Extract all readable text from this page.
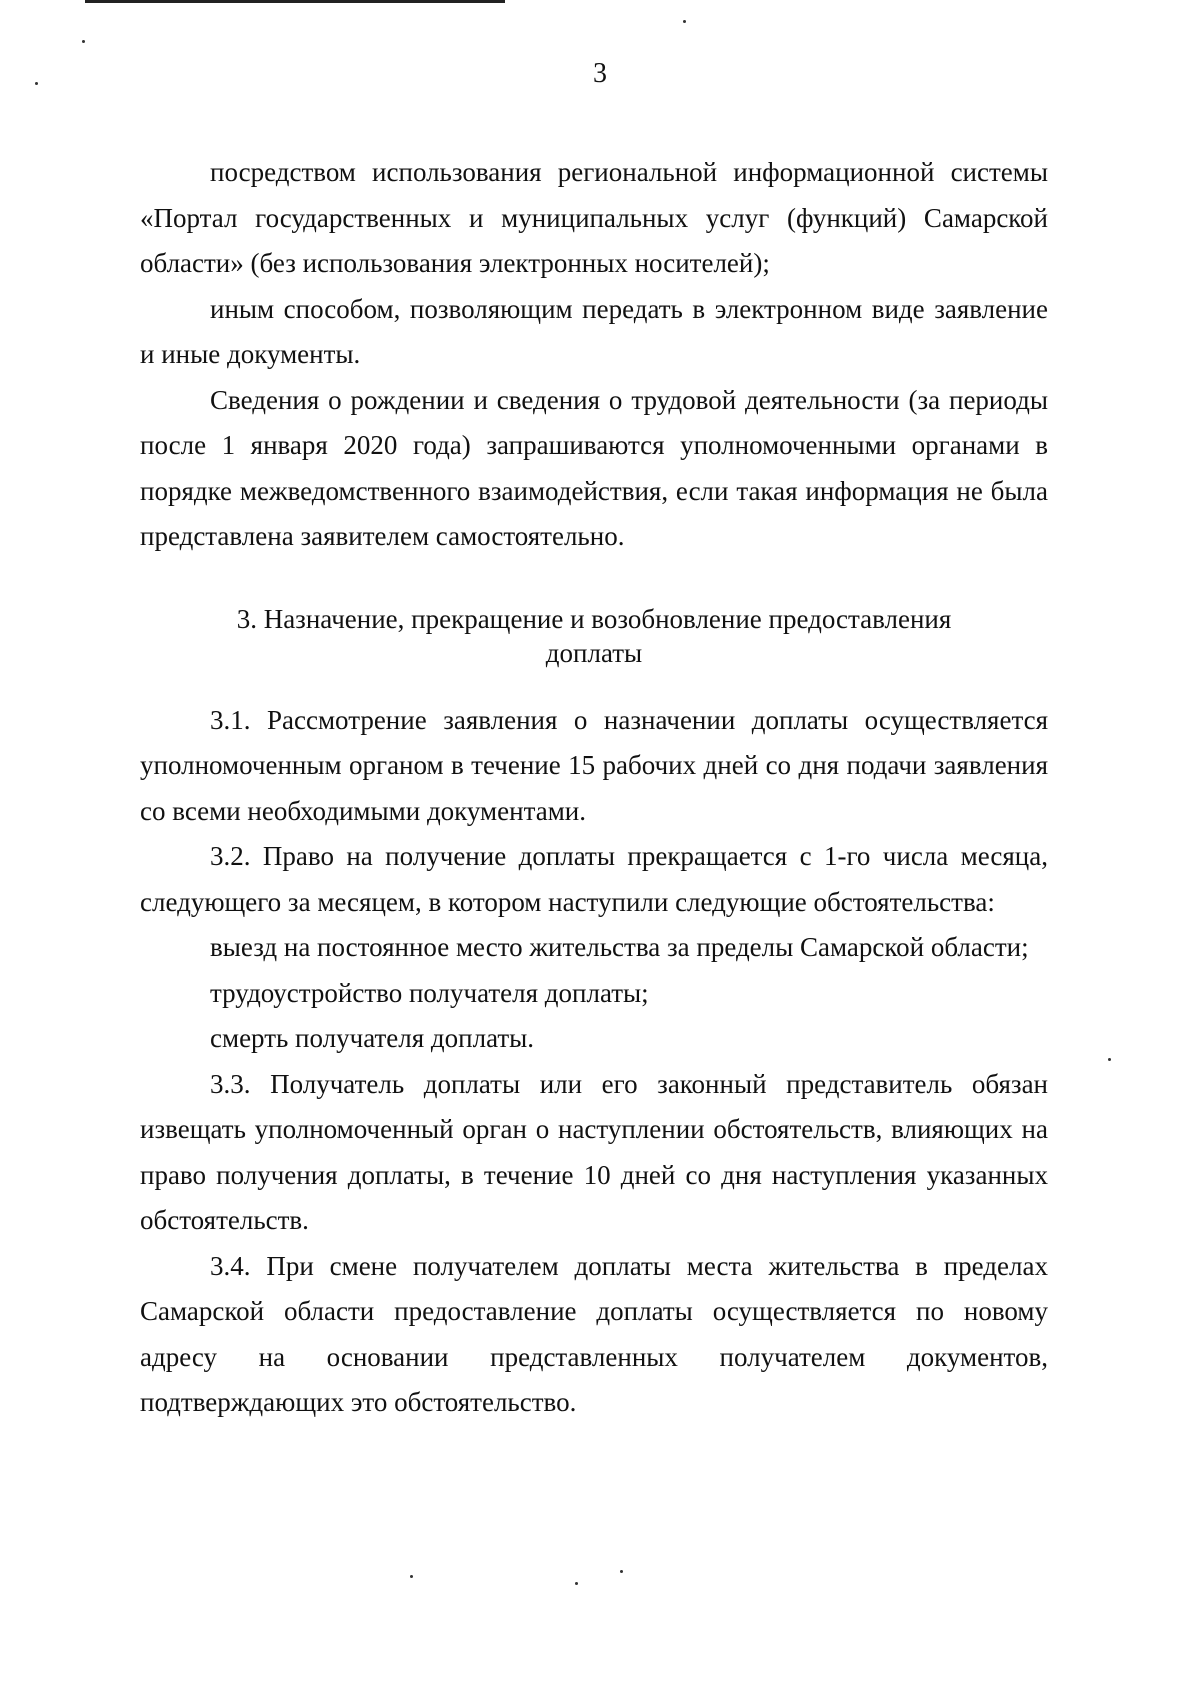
3

посредством использования региональной информационной системы «Портал государственных и муниципальных услуг (функций) Самарской области» (без использования электронных носителей);

иным способом, позволяющим передать в электронном виде заявление и иные документы.

Сведения о рождении и сведения о трудовой деятельности (за периоды после 1 января 2020 года) запрашиваются уполномоченными органами в порядке межведомственного взаимодействия, если такая информация не была представлена заявителем самостоятельно.

3. Назначение, прекращение и возобновление предоставления
доплаты

3.1. Рассмотрение заявления о назначении доплаты осуществляется уполномоченным органом в течение 15 рабочих дней со дня подачи заявления со всеми необходимыми документами.

3.2. Право на получение доплаты прекращается с 1-го числа месяца, следующего за месяцем, в котором наступили следующие обстоятельства:

выезд на постоянное место жительства за пределы Самарской области;

трудоустройство получателя доплаты;

смерть получателя доплаты.

3.3. Получатель доплаты или его законный представитель обязан извещать уполномоченный орган о наступлении обстоятельств, влияющих на право получения доплаты, в течение 10 дней со дня наступления указанных обстоятельств.

3.4. При смене получателем доплаты места жительства в пределах Самарской области предоставление доплаты осуществляется по новому адресу на основании представленных получателем документов, подтверждающих это обстоятельство.
